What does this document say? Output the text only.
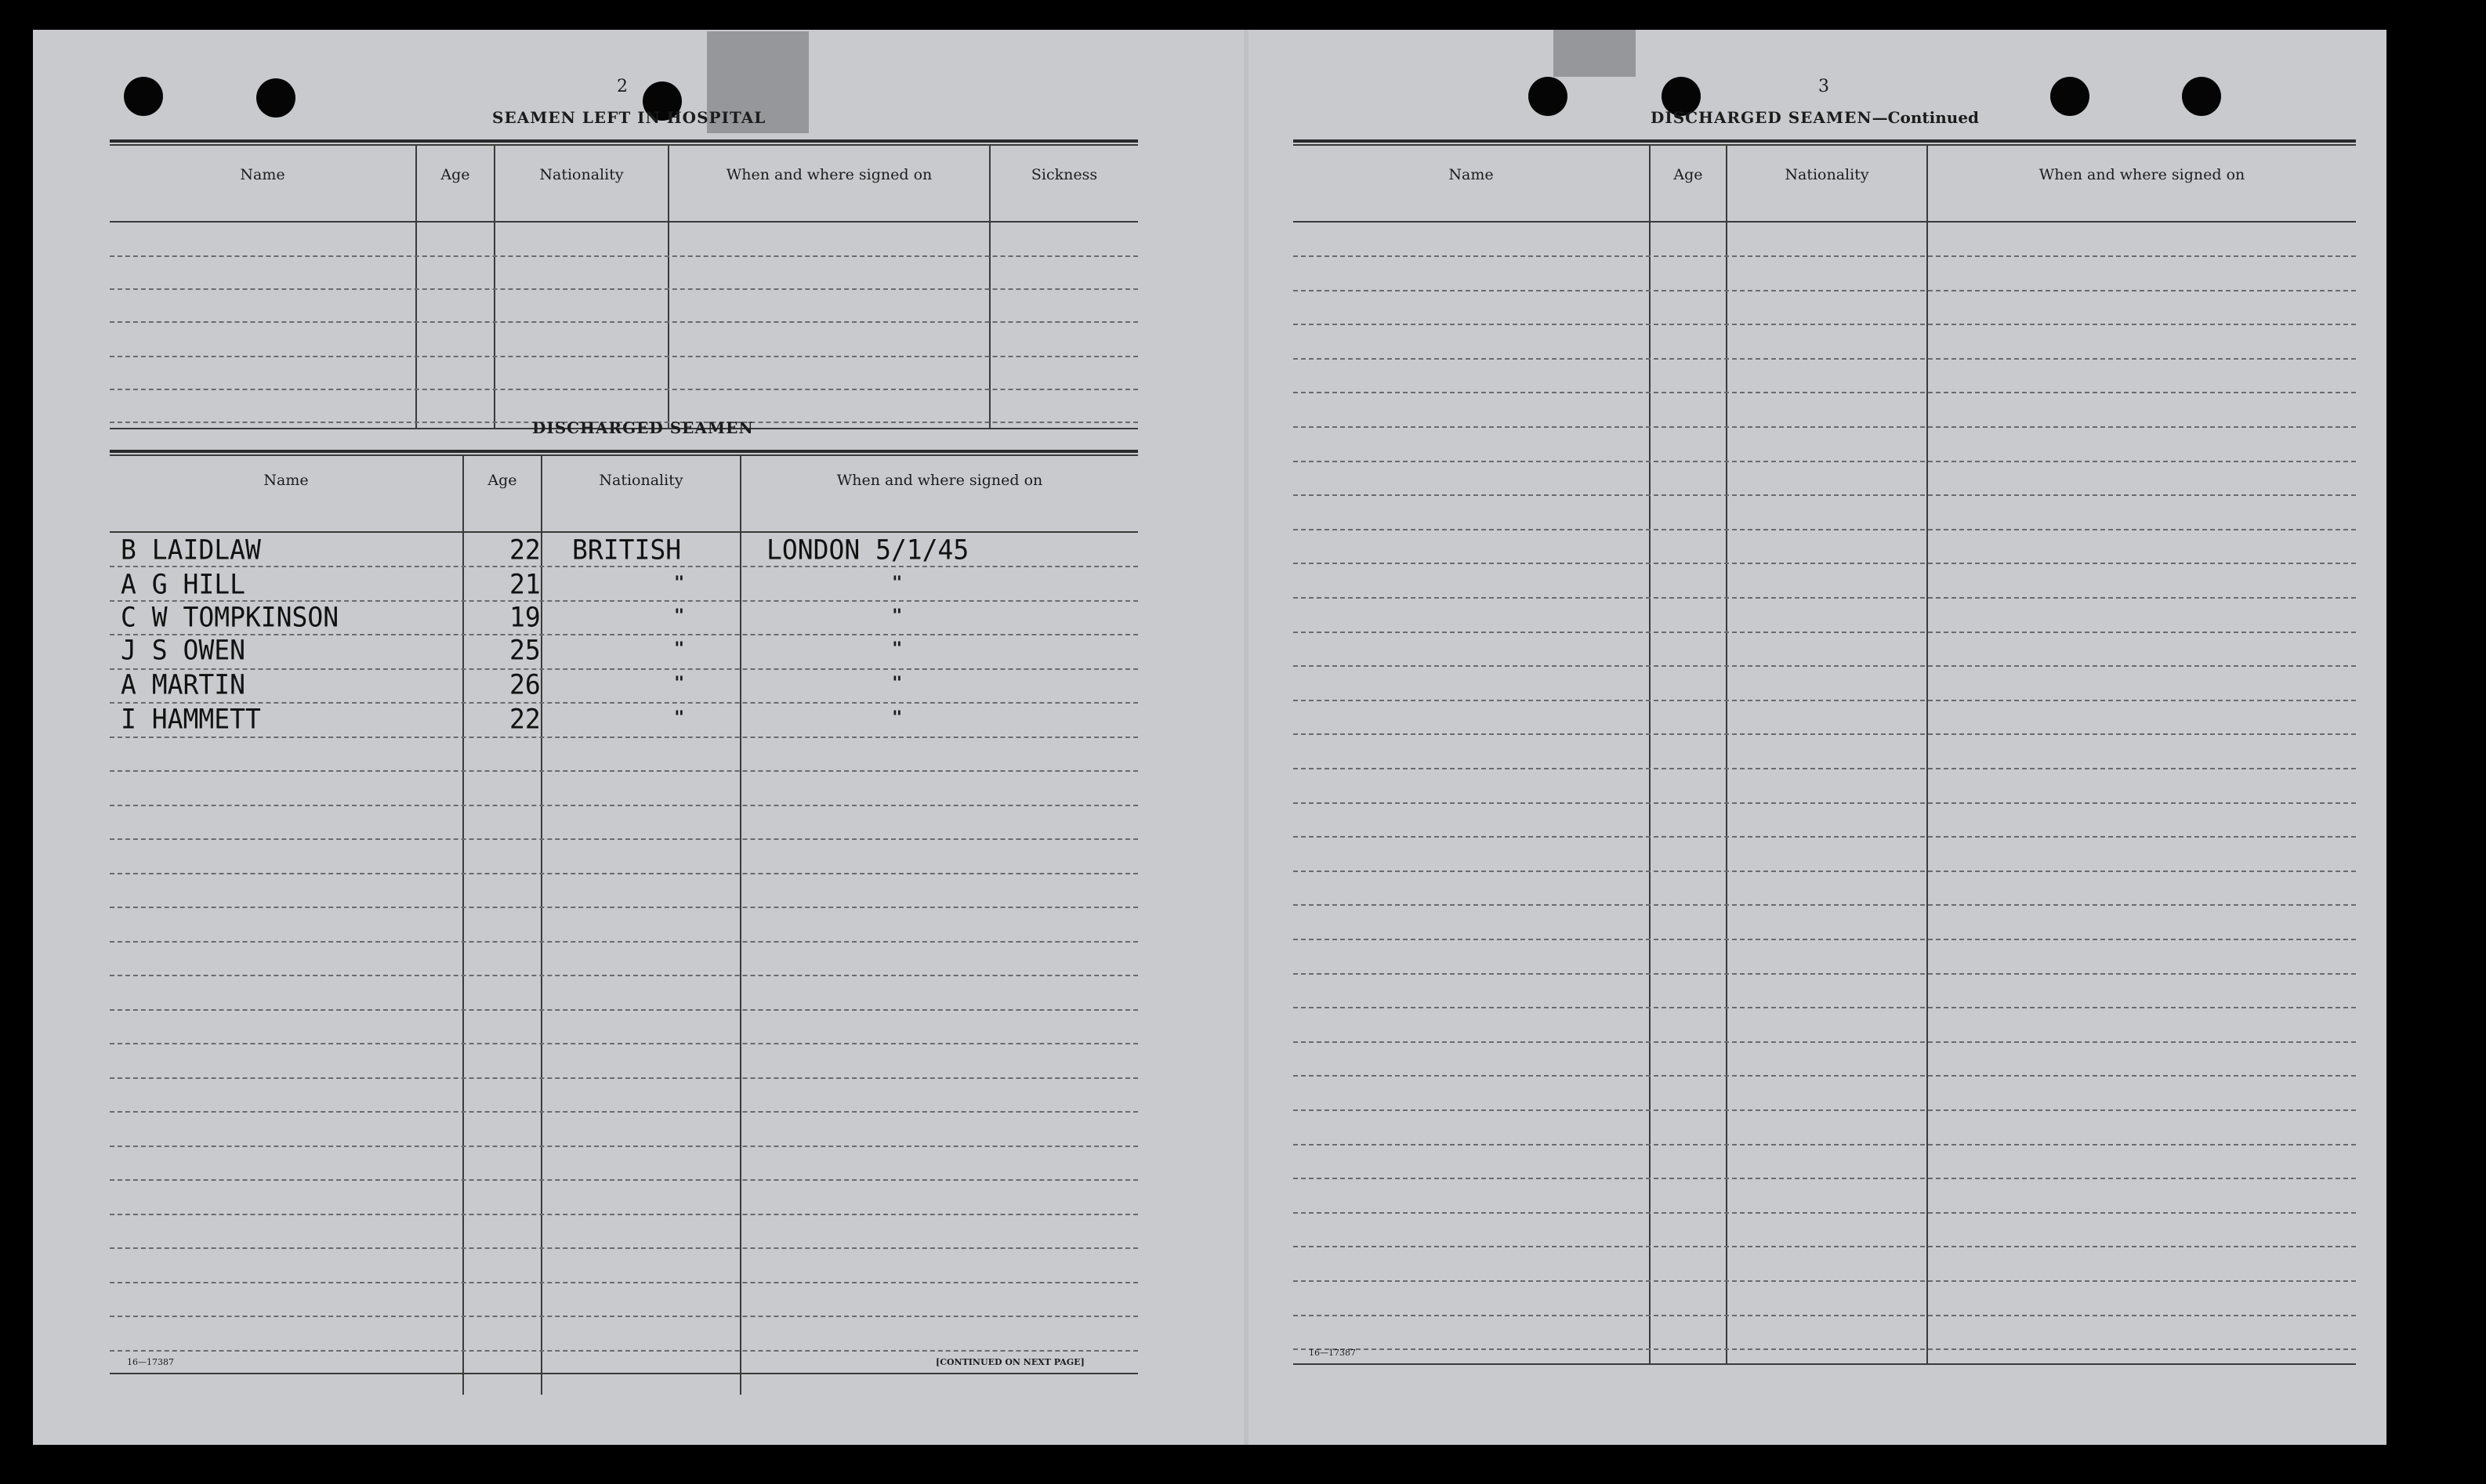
2
SEAMEN LEFT IN HOSPITAL
Name	Age	Nationality	When and where signed on	Sickness
DISCHARGED SEAMEN
Name	Age	Nationality	When and where signed on
B LAIDLAW	22 BRITISH	LONDON 5/1/45
A G HILL	21	"	"
C W TOMPKINSON	19	"	"
J S OWEN	25	"	"
A MARTIN	26	"	"
I HAMMETT	22	"	"
16—17387	[CONTINUED ON NEXT PAGE]
3
DISCHARGED SEAMEN—Continued
Name	Age	Nationality	When and where signed on
16—17387
